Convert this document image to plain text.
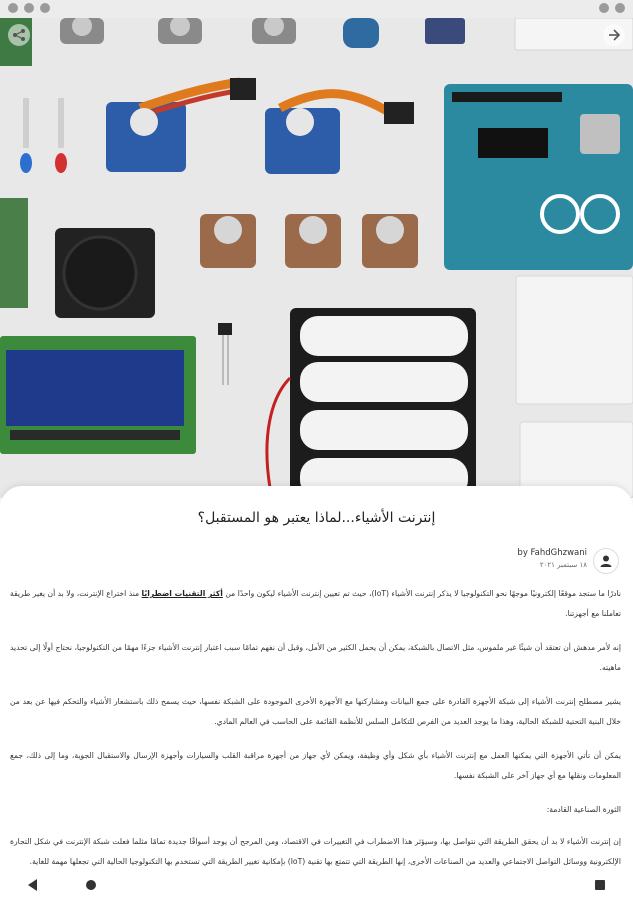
إنترنت الأشياء...لماذا يعتبر هو المستقبل؟
by FahdGhzwani
١٨ سبتمبر ٢٠٢١

نادرًا ما ستجد موقعًا إلكترونيًا موجهًا نحو التكنولوجيا لا يذكر إنترنت الأشياء (IoT)، حيث تم تعيين إنترنت الأشياء ليكون واحدًا من أكثر التقنيات اضطرابًا منذ اختراع الإنترنت، ولا بد أن يغير طريقة تعاملنا مع أجهزتنا.

إنه لأمر مدهش أن تعتقد أن شيئًا غير ملموس، مثل الاتصال بالشبكة، يمكن أن يحمل الكثير من الأمل، وقبل أن نفهم تمامًا سبب اعتبار إنترنت الأشياء جزءًا مهمًا من التكنولوجيا، نحتاج أولًا إلى تحديد ماهيته.

يشير مصطلح إنترنت الأشياء إلى شبكة الأجهزة القادرة على جمع البيانات ومشاركتها مع الأجهزة الأخرى الموجودة على الشبكة نفسها، حيث يسمح ذلك باستشعار الأشياء والتحكم فيها عن بعد من خلال البنية التحتية للشبكة الحالية، وهذا ما يوجد العديد من الفرص للتكامل السلس للأنظمة القائمة على الحاسب في العالم المادي.

يمكن أن تأتي الأجهزة التي يمكنها العمل مع إنترنت الأشياء بأي شكل وأي وظيفة، ويمكن لأي جهاز من أجهزة مراقبة القلب والسيارات وأجهزة الإرسال والاستقبال الجوية، وما إلى ذلك، جمع المعلومات ونقلها مع أي جهاز آخر على الشبكة نفسها.

الثورة الصناعية القادمة:

إن إنترنت الأشياء لا بد أن يحقق الطريقة التي نتواصل بها، وسيؤثر هذا الاضطراب في التغييرات في الاقتصاد، ومن المرجح أن يوجد أسواقًا جديدة تمامًا مثلما فعلت شبكة الإنترنت في شكل التجارة الإلكترونية ووسائل التواصل الاجتماعي والعديد من الصناعات الأخرى، إنها الطريقة التي تتمتع بها تقنية (IoT) بإمكانية تغيير الطريقة التي تستخدم بها التكنولوجيا الحالية التي تجعلها مهمة للغاية.
